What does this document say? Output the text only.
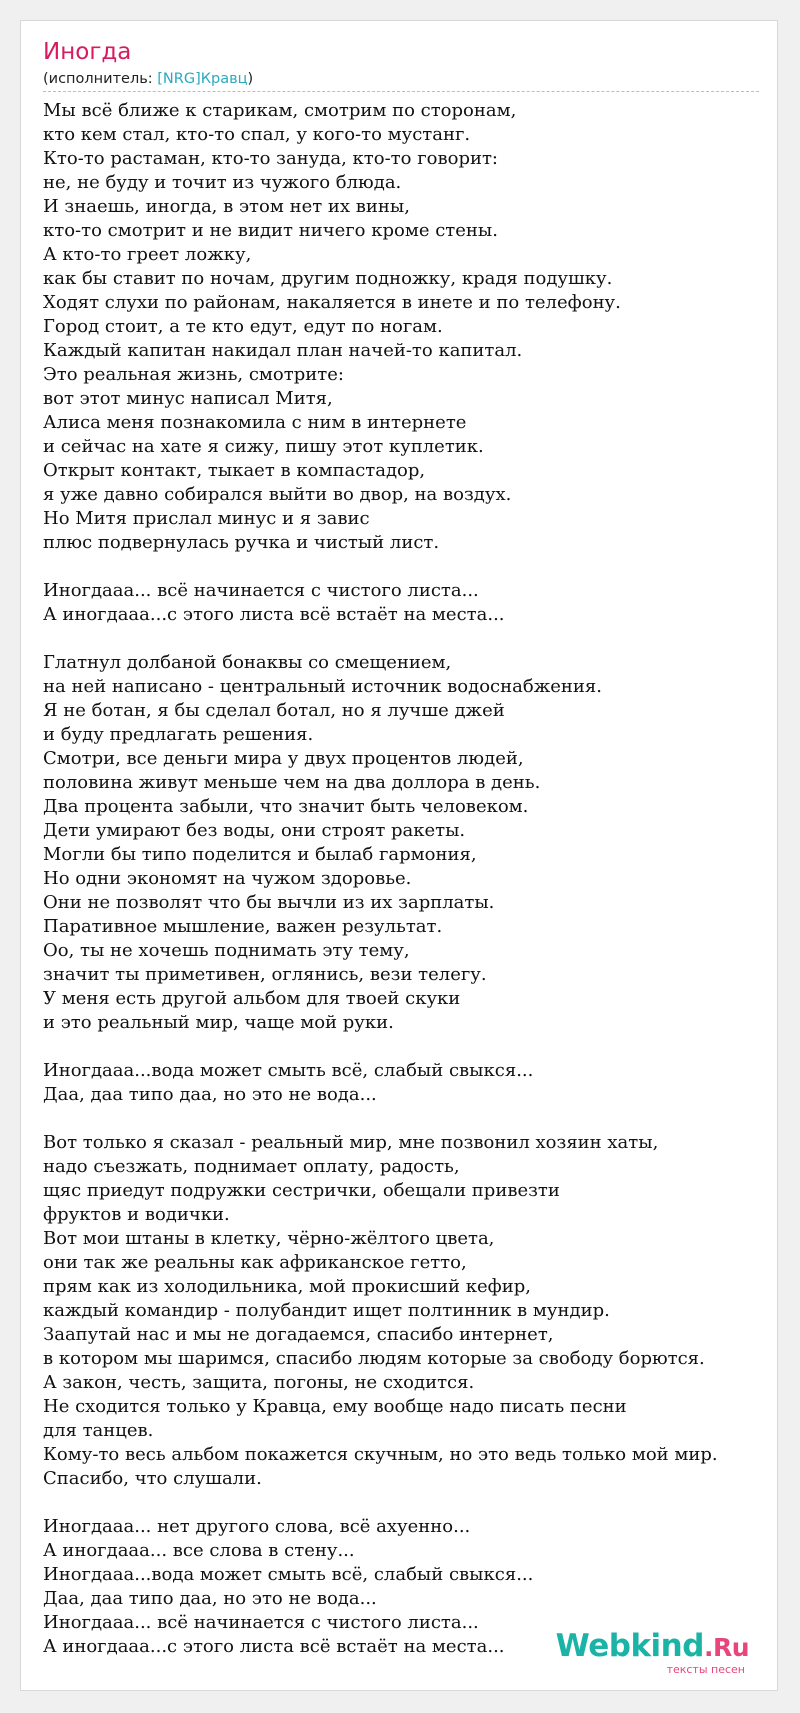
Иногда
(исполнитель: [NRG]Кравц)
Мы всё ближе к старикам, смотрим по сторонам,
кто кем стал, кто-то спал, у кого-то мустанг.
Кто-то растаман, кто-то зануда, кто-то говорит:
не, не буду и точит из чужого блюда.
И знаешь, иногда, в этом нет их вины,
кто-то смотрит и не видит ничего кроме стены.
А кто-то греет ложку,
как бы ставит по ночам, другим подножку, крадя подушку.
Ходят слухи по районам, накаляется в инете и по телефону.
Город стоит, а те кто едут, едут по ногам.
Каждый капитан накидал план начей-то капитал.
Это реальная жизнь, смотрите:
вот этот минус написал Митя,
Алиса меня познакомила с ним в интернете
и сейчас на хате я сижу, пишу этот куплетик.
Открыт контакт, тыкает в компастадор,
я уже давно собирался выйти во двор, на воздух.
Но Митя прислал минус и я завис
плюс подвернулась ручка и чистый лист.

Иногдааа... всё начинается с чистого листа...
А иногдааа...с этого листа всё встаёт на места...

Глатнул долбаной бонаквы со смещением,
на ней написано - центральный источник водоснабжения.
Я не ботан, я бы сделал ботал, но я лучше джей
и буду предлагать решения.
Смотри, все деньги мира у двух процентов людей,
половина живут меньше чем на два доллора в день.
Два процента забыли, что значит быть человеком.
Дети умирают без воды, они строят ракеты.
Могли бы типо поделится и былаб гармония,
Но одни экономят на чужом здоровье.
Они не позволят что бы вычли из их зарплаты.
Паративное мышление, важен результат.
Оо, ты не хочешь поднимать эту тему,
значит ты приметивен, оглянись, вези телегу.
У меня есть другой альбом для твоей скуки
и это реальный мир, чаще мой руки.

Иногдааа...вода может смыть всё, слабый свыкся...
Даа, даа типо даа, но это не вода...

Вот только я сказал - реальный мир, мне позвонил хозяин хаты,
надо съезжать, поднимает оплату, радость,
щяс приедут подружки сестрички, обещали привезти
фруктов и водички.
Вот мои штаны в клетку, чёрно-жёлтого цвета,
они так же реальны как африканское гетто,
прям как из холодильника, мой прокисший кефир,
каждый командир - полубандит ищет полтинник в мундир.
Заапутай нас и мы не догадаемся, спасибо интернет,
в котором мы шаримся, спасибо людям которые за свободу борются.
А закон, честь, защита, погоны, не сходится.
Не сходится только у Кравца, ему вообще надо писать песни
для танцев.
Кому-то весь альбом покажется скучным, но это ведь только мой мир.
Спасибо, что слушали.

Иногдааа... нет другого слова, всё ахуенно...
А иногдааа... все слова в стену...
Иногдааа...вода может смыть всё, слабый свыкся...
Даа, даа типо даа, но это не вода...
Иногдааа... всё начинается с чистого листа...
А иногдааа...с этого листа всё встаёт на места...	Webkind.Ru
тексты песен
